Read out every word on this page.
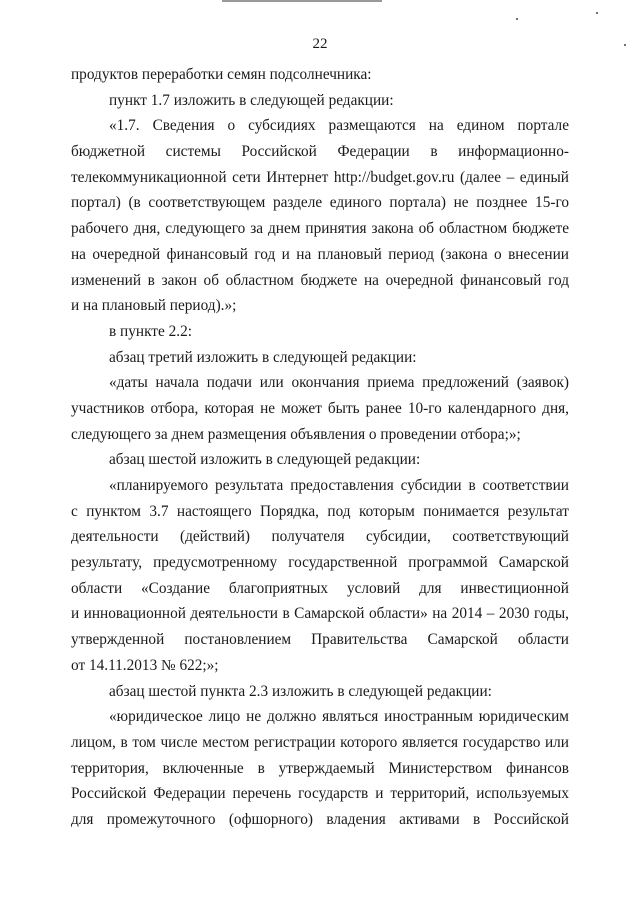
22
продуктов переработки семян подсолнечника:
пункт 1.7 изложить в следующей редакции:
«1.7. Сведения о субсидиях размещаются на едином портале
бюджетной системы Российской Федерации в информационно-
телекоммуникационной сети Интернет http://budget.gov.ru (далее – единый
портал) (в соответствующем разделе единого портала) не позднее 15-го
рабочего дня, следующего за днем принятия закона об областном бюджете
на очередной финансовый год и на плановый период (закона о внесении
изменений в закон об областном бюджете на очередной финансовый год
и на плановый период).»;
в пункте 2.2:
абзац третий изложить в следующей редакции:
«даты начала подачи или окончания приема предложений (заявок)
участников отбора, которая не может быть ранее 10-го календарного дня,
следующего за днем размещения объявления о проведении отбора;»;
абзац шестой изложить в следующей редакции:
«планируемого результата предоставления субсидии в соответствии
с пунктом 3.7 настоящего Порядка, под которым понимается результат
деятельности (действий) получателя субсидии, соответствующий
результату, предусмотренному государственной программой Самарской
области «Создание благоприятных условий для инвестиционной
и инновационной деятельности в Самарской области» на 2014 – 2030 годы,
утвержденной постановлением Правительства Самарской области
от 14.11.2013 № 622;»;
абзац шестой пункта 2.3 изложить в следующей редакции:
«юридическое лицо не должно являться иностранным юридическим
лицом, в том числе местом регистрации которого является государство или
территория, включенные в утверждаемый Министерством финансов
Российской Федерации перечень государств и территорий, используемых
для промежуточного (офшорного) владения активами в Российской
